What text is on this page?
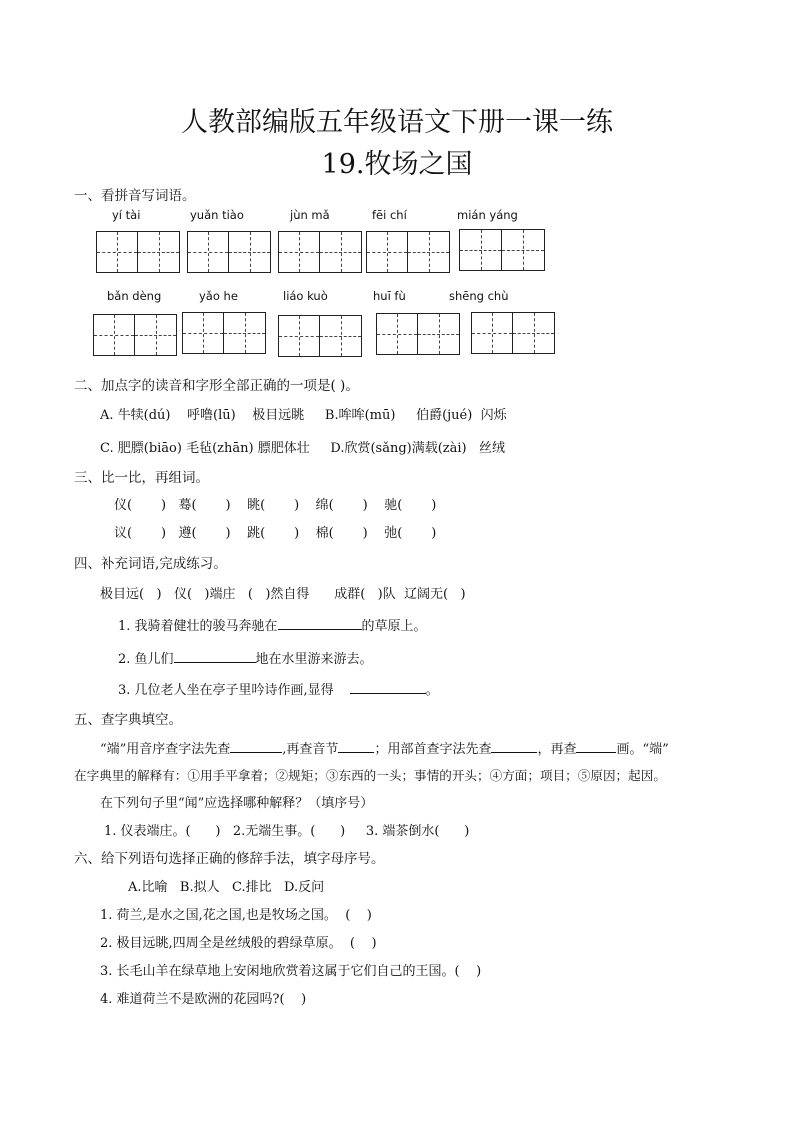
人教部编版五年级语文下册一课一练
19.牧场之国
一、看拼音写词语。
yí tài	yuǎn tiào	jùn mǎ	fēi chí	mián yáng
bǎn dèng	yǎo he	liáo kuò	huī fù	shēng chù
二、加点字的读音和字形全部正确的一项是( )。
A. 牛犊(dú)    呼噜(lū)    极目远眺     B.哞哞(mū)     伯爵(jué)  闪烁
C. 肥膘(biāo) 毛毡(zhān) 膘肥体壮     D.欣赏(sǎng)满载(zài)   丝绒
三、比一比，再组词。
仪(       )   蓦(       )    眺(       )    绵(       )    驰(       )
议(       )   遵(       )    跳(       )    棉(       )    弛(       )
四、补充词语,完成练习。
极目远(   )   仪(   )端庄   (   )然自得      成群(   )队  辽阔无(   )
1. 我骑着健壮的骏马奔驰在	的草原上。
2. 鱼儿们	地在水里游来游去。
3. 几位老人坐在亭子里吟诗作画,显得	。
五、查字典填空。
“端”用音序查字法先查	,再查音节	；用部首查字法先查	，再查	画。“端”
在字典里的解释有：①用手平拿着；②规矩；③东西的一头；事情的开头；④方面；项目；⑤原因；起因。
在下列句子里“闻”应选择哪种解释？（填序号）
1. 仪表端庄。(      )   2.无端生事。(      )     3. 端茶倒水(      )
六、给下列语句选择正确的修辞手法，填字母序号。
A.比喻   B.拟人   C.排比   D.反问
1. 荷兰,是水之国,花之国,也是牧场之国。  (    )
2. 极目远眺,四周全是丝绒般的碧绿草原。  (    )
3. 长毛山羊在绿草地上安闲地欣赏着这属于它们自己的王国。(    )
4. 难道荷兰不是欧洲的花园吗?(    )
